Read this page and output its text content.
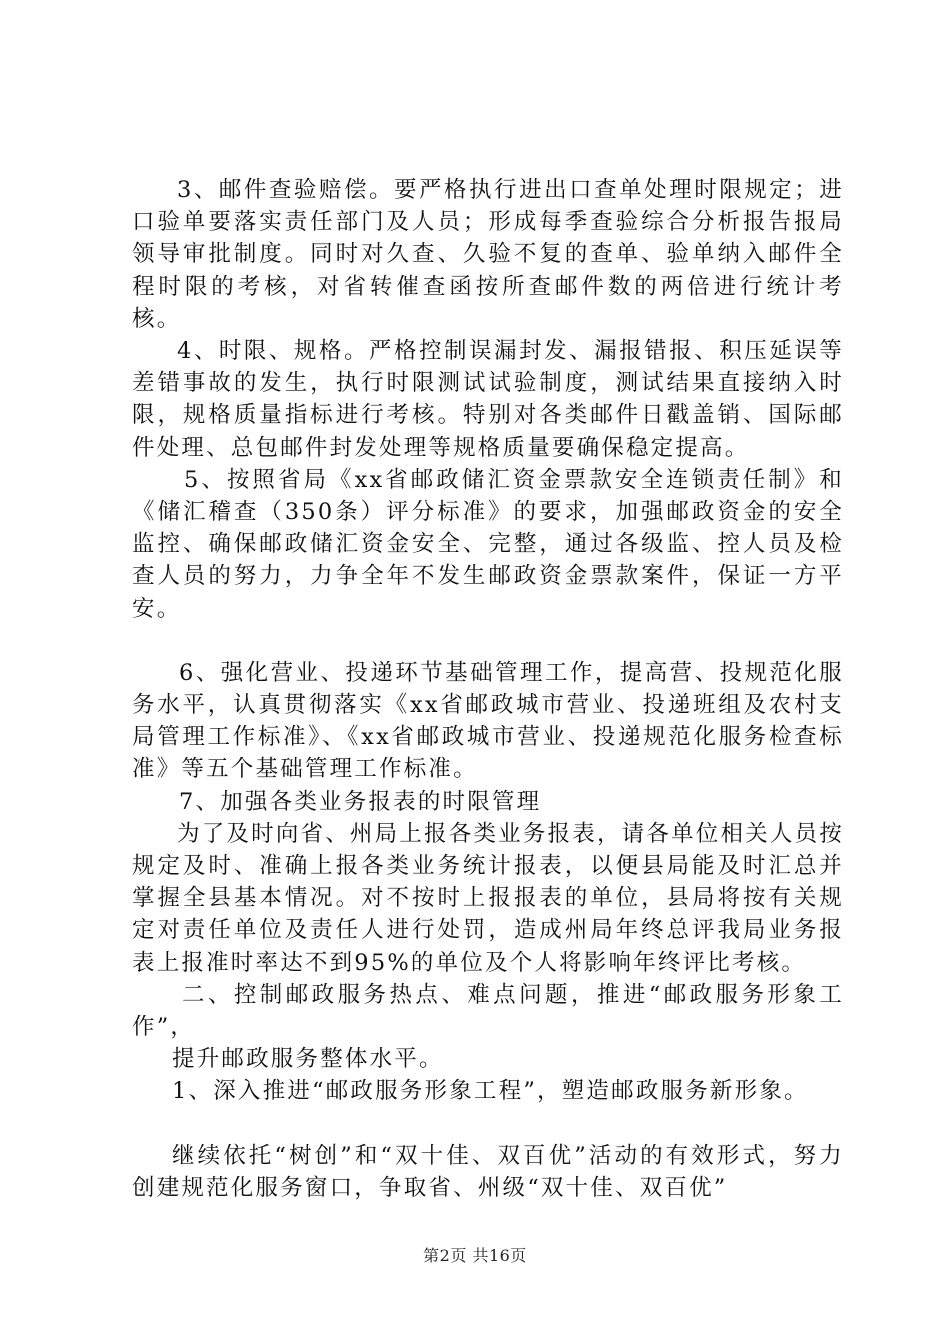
3、邮件查验赔偿。要严格执行进出口查单处理时限规定；进口验单要落实责任部门及人员；形成每季查验综合分析报告报局领导审批制度。同时对久查、久验不复的查单、验单纳入邮件全程时限的考核，对省转催查函按所查邮件数的两倍进行统计考核。

4、时限、规格。严格控制误漏封发、漏报错报、积压延误等差错事故的发生，执行时限测试试验制度，测试结果直接纳入时限，规格质量指标进行考核。特别对各类邮件日戳盖销、国际邮件处理、总包邮件封发处理等规格质量要确保稳定提高。

5、按照省局《xx省邮政储汇资金票款安全连锁责任制》和《储汇稽查（350条）评分标准》的要求，加强邮政资金的安全监控、确保邮政储汇资金安全、完整，通过各级监、控人员及检查人员的努力，力争全年不发生邮政资金票款案件，保证一方平安。

6、强化营业、投递环节基础管理工作，提高营、投规范化服务水平，认真贯彻落实《xx省邮政城市营业、投递班组及农村支局管理工作标准》、《xx省邮政城市营业、投递规范化服务检查标准》等五个基础管理工作标准。

7、加强各类业务报表的时限管理

为了及时向省、州局上报各类业务报表，请各单位相关人员按规定及时、准确上报各类业务统计报表，以便县局能及时汇总并掌握全县基本情况。对不按时上报报表的单位，县局将按有关规定对责任单位及责任人进行处罚，造成州局年终总评我局业务报表上报准时率达不到95%的单位及个人将影响年终评比考核。

二、控制邮政服务热点、难点问题，推进“邮政服务形象工作”，

提升邮政服务整体水平。

1、深入推进“邮政服务形象工程”，塑造邮政服务新形象。

继续依托“树创”和“双十佳、双百优”活动的有效形式，努力创建规范化服务窗口，争取省、州级“双十佳、双百优”

第2页 共16页
